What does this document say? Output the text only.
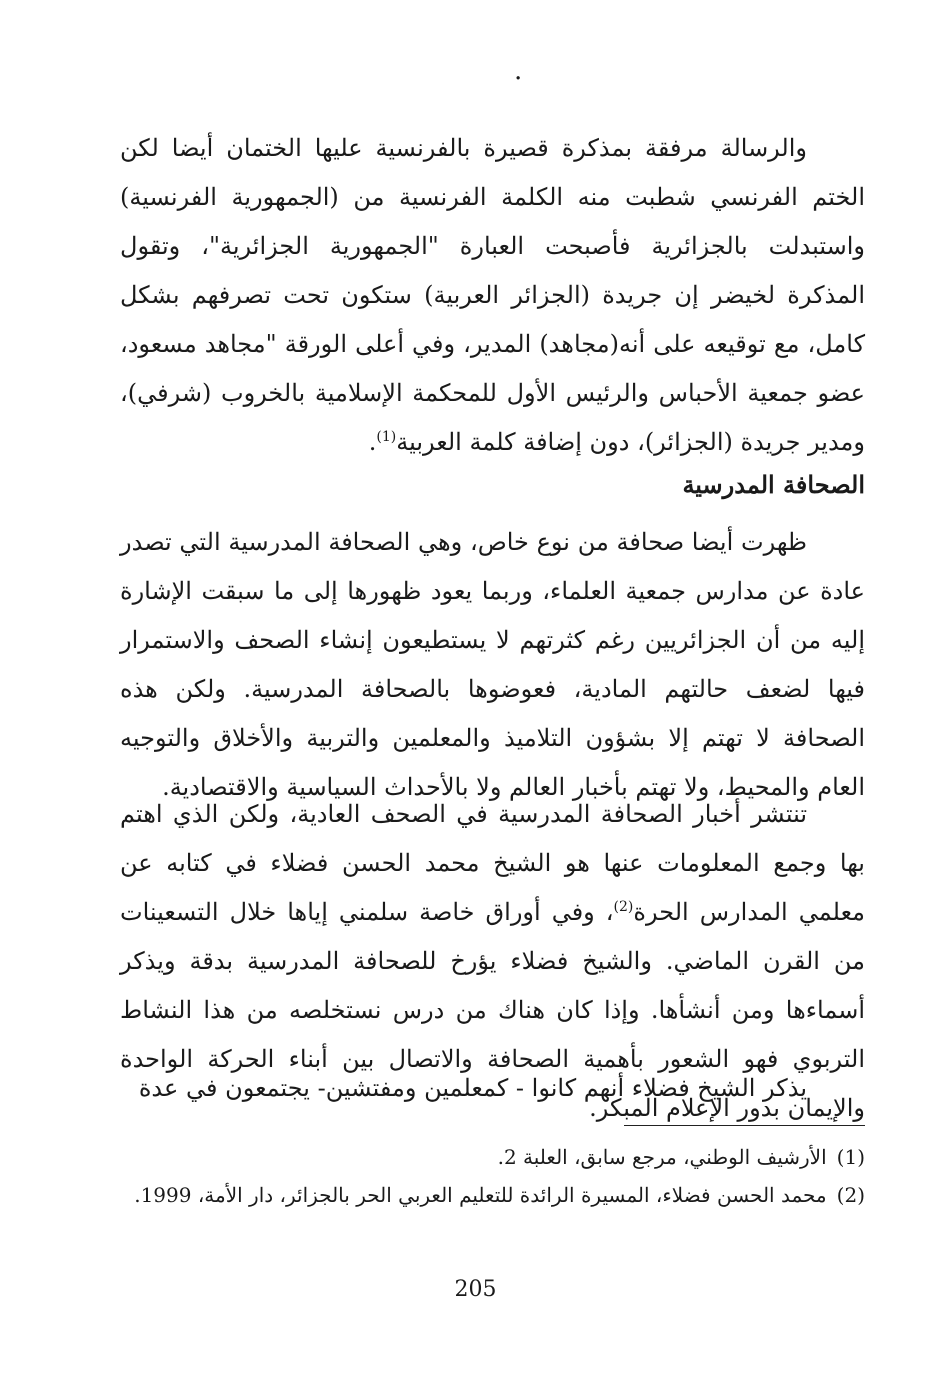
.

والرسالة مرفقة بمذكرة قصيرة بالفرنسية عليها الختمان أيضا لكن الختم الفرنسي شطبت منه الكلمة الفرنسية من (الجمهورية الفرنسية) واستبدلت بالجزائرية فأصبحت العبارة "الجمهورية الجزائرية"، وتقول المذكرة لخيضر إن جريدة (الجزائر العربية) ستكون تحت تصرفهم بشكل كامل، مع توقيعه على أنه(مجاهد) المدير، وفي أعلى الورقة "مجاهد مسعود، عضو جمعية الأحباس والرئيس الأول للمحكمة الإسلامية بالخروب (شرفي)، ومدير جريدة (الجزائر)، دون إضافة كلمة العربية$^{(1)}$.

الصحافة المدرسية

ظهرت أيضا صحافة من نوع خاص، وهي الصحافة المدرسية التي تصدر عادة عن مدارس جمعية العلماء، وربما يعود ظهورها إلى ما سبقت الإشارة إليه من أن الجزائريين رغم كثرتهم لا يستطيعون إنشاء الصحف والاستمرار فيها لضعف حالتهم المادية، فعوضوها بالصحافة المدرسية. ولكن هذه الصحافة لا تهتم إلا بشؤون التلاميذ والمعلمين والتربية والأخلاق والتوجيه العام والمحيط، ولا تهتم بأخبار العالم ولا بالأحداث السياسية والاقتصادية.

تنتشر أخبار الصحافة المدرسية في الصحف العادية، ولكن الذي اهتم بها وجمع المعلومات عنها هو الشيخ محمد الحسن فضلاء في كتابه عن معلمي المدارس الحرة$^{(2)}$، وفي أوراق خاصة سلمني إياها خلال التسعينات من القرن الماضي. والشيخ فضلاء يؤرخ للصحافة المدرسية بدقة ويذكر أسماءها ومن أنشأها. وإذا كان هناك من درس نستخلصه من هذا النشاط التربوي فهو الشعور بأهمية الصحافة والاتصال بين أبناء الحركة الواحدة والإيمان بدور الإعلام المبكر.

يذكر الشيخ فضلاء أنهم كانوا - كمعلمين ومفتشين- يجتمعون في عدة

(1)الأرشيف الوطني، مرجع سابق، العلبة 2.

(2)محمد الحسن فضلاء، المسيرة الرائدة للتعليم العربي الحر بالجزائر، دار الأمة، 1999.

205
